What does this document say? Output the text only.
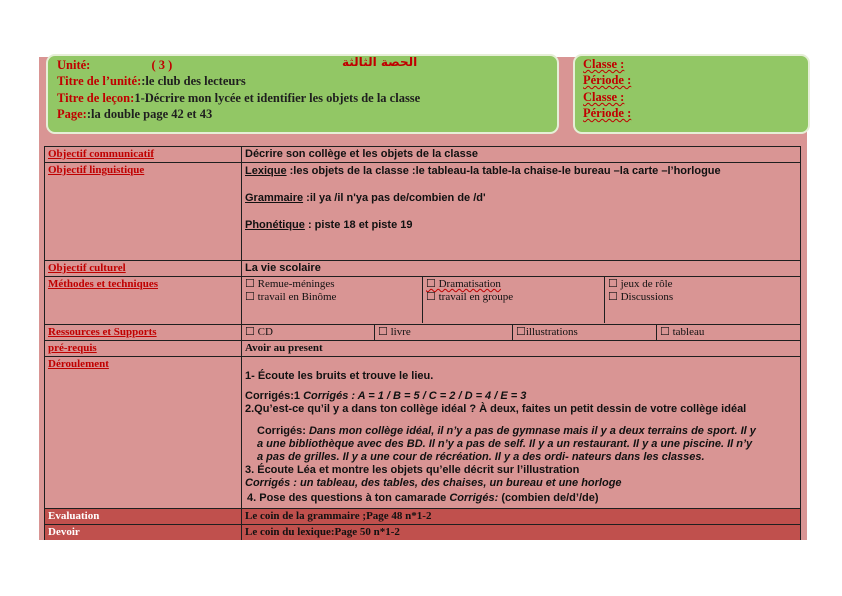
Unité:	( 3 )	الحصة الثالثة
Titre de l’unité::le club des lecteurs
Titre de leçon:1-Décrire mon lycée et identifier les objets de la classe
Page::la double page 42 et 43
Classe :
Période :
Classe :
Période :
Objectif communicatif	Décrire son collège et les objets de la classe
Objectif linguistique	Lexique :les objets de la classe :le tableau-la table-la chaise-le bureau –la carte –l’horlogue
Grammaire :il ya /il n'ya pas de/combien de /d'
Phonétique : piste 18 et piste 19

Objectif culturel	La vie scolaire
Méthodes et techniques		☐ Remue-méninges
☐ travail en Binôme

☐ Dramatisation
☐ travail en groupe

☐ jeux de rôle
☐ Discussions

Ressources et Supports		☐ CD	☐ livre	☐illustrations	☐ tableau

pré-requis	Avoir au present
Déroulement	
1- Écoute les bruits et trouve le lieu.
Corrigés:1 Corrigés : A = 1 / B = 5 / C = 2 / D = 4 / E = 3
2.Qu’est-ce qu’il y a dans ton collège idéal ? À deux, faites un petit dessin de votre collège idéal
Corrigés: Dans mon collège idéal, il n’y a pas de gymnase mais il y a deux terrains de sport. Il y a une bibliothèque avec des BD. Il n’y a pas de self. Il y a un restaurant. Il y a une piscine. Il n’y a pas de grilles. Il y a une cour de récréation. Il y a des ordi- nateurs dans les classes.
3. Écoute Léa et montre les objets qu’elle décrit sur l’illustration
Corrigés : un tableau, des tables, des chaises, un bureau et une horloge
4. Pose des questions à ton camarade Corrigés: (combien de/d’/de)

Evaluation	Le coin de la grammaire ;Page 48 n*1-2
Devoir	Le coin du lexique:Page 50 n*1-2
